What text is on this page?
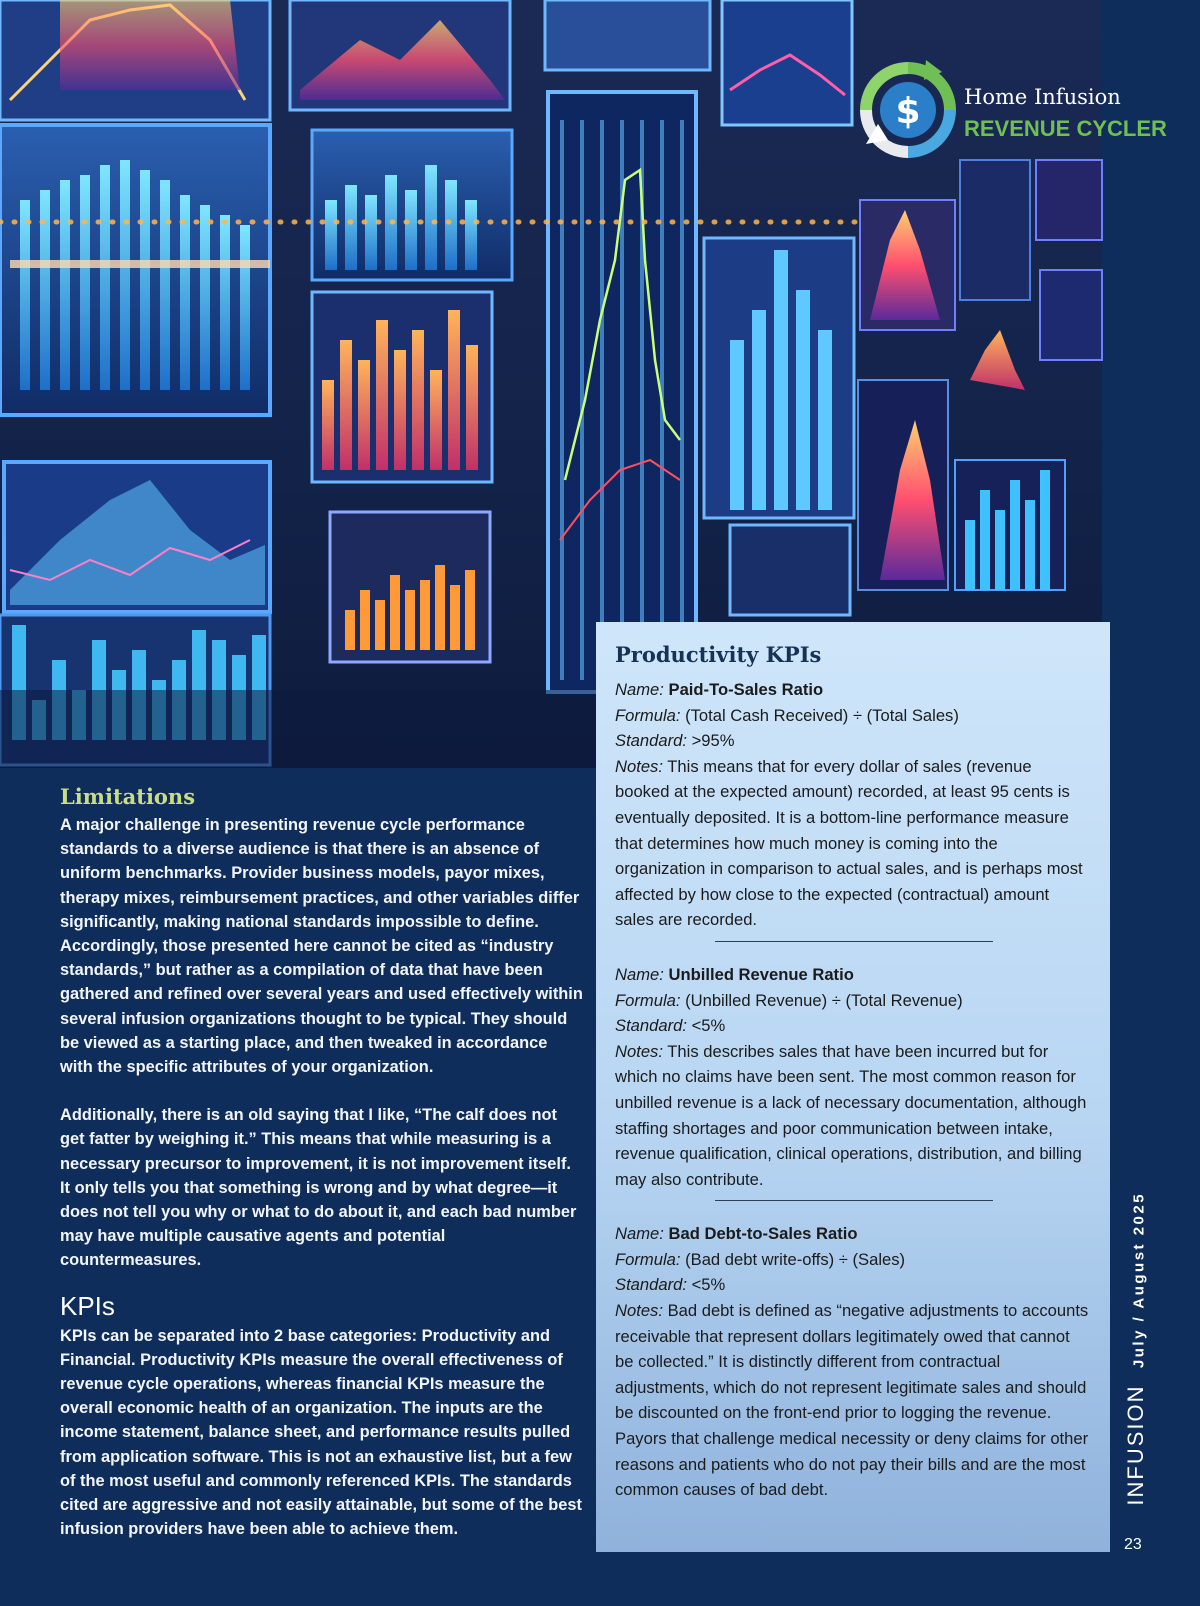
$ Home Infusion
REVENUE CYCLER
Limitations

A major challenge in presenting revenue cycle performance standards to a diverse audience is that there is an absence of uniform benchmarks. Provider business models, payor mixes, therapy mixes, reimbursement practices, and other variables differ significantly, making national standards impossible to define. Accordingly, those presented here cannot be cited as “industry standards,” but rather as a compilation of data that have been gathered and refined over several years and used effectively within several infusion organizations thought to be typical. They should be viewed as a starting place, and then tweaked in accordance with the specific attributes of your organization.

Additionally, there is an old saying that I like, “The calf does not get fatter by weighing it.” This means that while measuring is a necessary precursor to improvement, it is not improvement itself. It only tells you that something is wrong and by what degree—it does not tell you why or what to do about it, and each bad number may have multiple causative agents and potential countermeasures.

KPIs

KPIs can be separated into 2 base categories: Productivity and Financial. Productivity KPIs measure the overall effectiveness of revenue cycle operations, whereas financial KPIs measure the overall economic health of an organization. The inputs are the income statement, balance sheet, and performance results pulled from application software. This is not an exhaustive list, but a few of the most useful and commonly referenced KPIs. The standards cited are aggressive and not easily attainable, but some of the best infusion providers have been able to achieve them.

Productivity KPIs
Name: Paid-To-Sales Ratio
Formula: (Total Cash Received) ÷ (Total Sales)
Standard: >95%
Notes: This means that for every dollar of sales (revenue booked at the expected amount) recorded, at least 95 cents is eventually deposited. It is a bottom-line performance measure that determines how much money is coming into the organization in comparison to actual sales, and is perhaps most affected by how close to the expected (contractual) amount sales are recorded.
Name: Unbilled Revenue Ratio
Formula: (Unbilled Revenue) ÷ (Total Revenue)
Standard: <5%
Notes: This describes sales that have been incurred but for which no claims have been sent. The most common reason for unbilled revenue is a lack of necessary documentation, although staffing shortages and poor communication between intake, revenue qualification, clinical operations, distribution, and billing may also contribute.
Name: Bad Debt-to-Sales Ratio
Formula: (Bad debt write-offs) ÷ (Sales)
Standard: <5%
Notes: Bad debt is defined as “negative adjustments to accounts receivable that represent dollars legitimately owed that cannot be collected.” It is distinctly different from contractual adjustments, which do not represent legitimate sales and should be discounted on the front-end prior to logging the revenue. Payors that challenge medical necessity or deny claims for other reasons and patients who do not pay their bills and are the most common causes of bad debt.
July / August 2025
INFUSION
23
